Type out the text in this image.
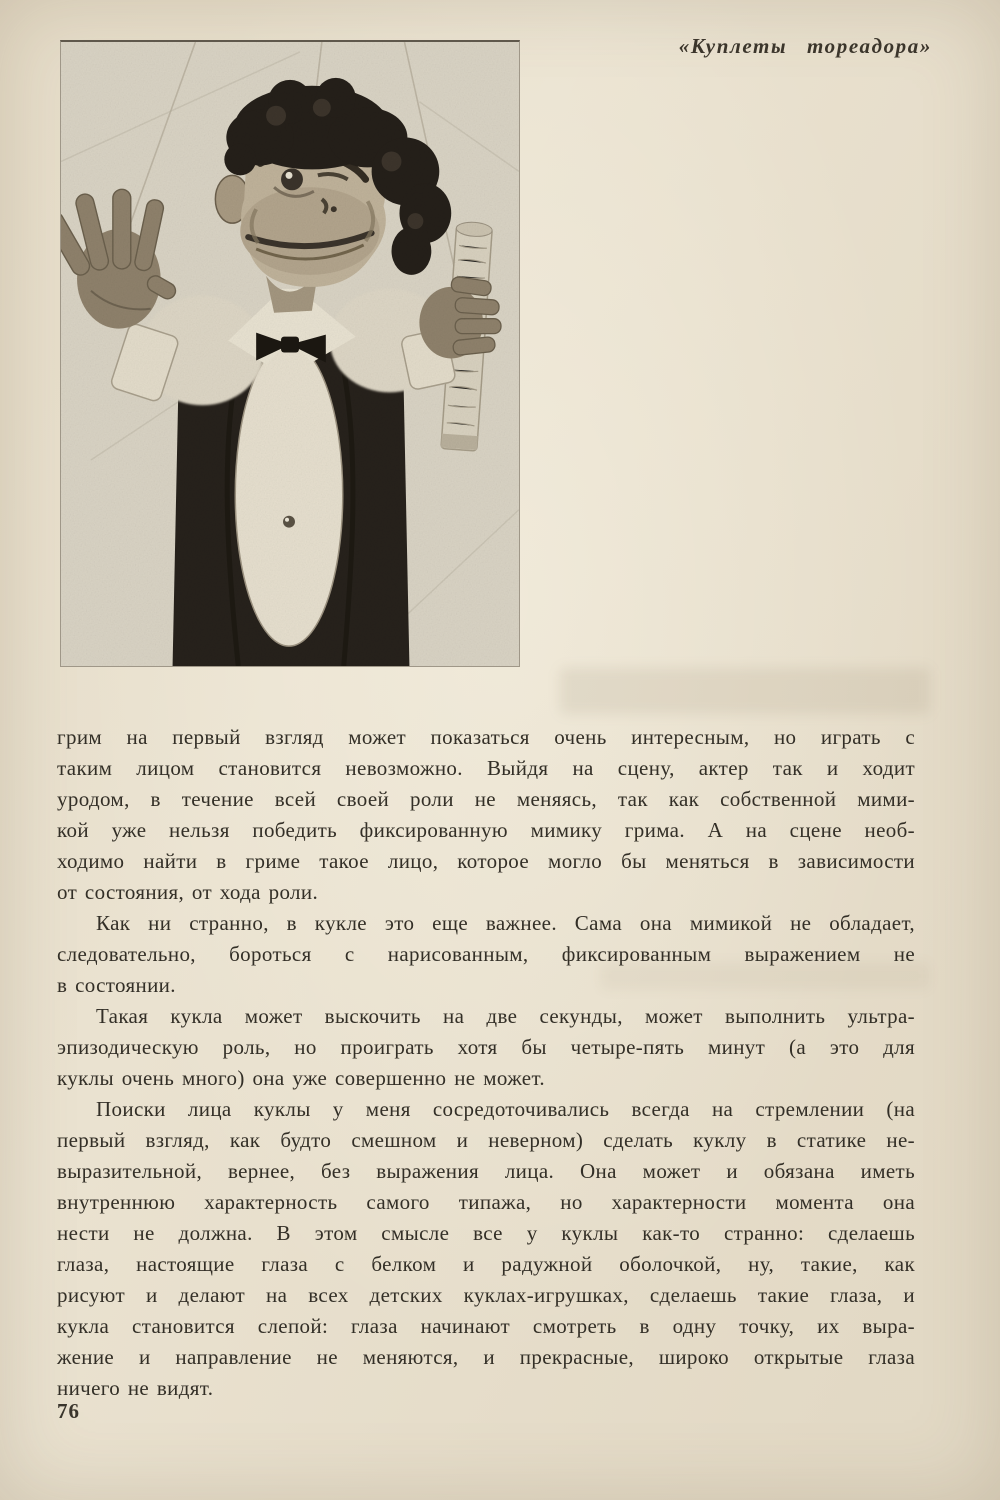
«Куплеты тореадора»
грим на первый взгляд может показаться очень интересным, но играть с
таким лицом становится невозможно. Выйдя на сцену, актер так и ходит
уродом, в течение всей своей роли не меняясь, так как собственной мими-
кой уже нельзя победить фиксированную мимику грима. А на сцене необ-
ходимо найти в гриме такое лицо, которое могло бы меняться в зависимости
от состояния, от хода роли.
Как ни странно, в кукле это еще важнее. Сама она мимикой не обладает,
следовательно, бороться с нарисованным, фиксированным выражением не
в состоянии.
Такая кукла может выскочить на две секунды, может выполнить ультра-
эпизодическую роль, но проиграть хотя бы четыре-пять минут (а это для
куклы очень много) она уже совершенно не может.
Поиски лица куклы у меня сосредоточивались всегда на стремлении (на
первый взгляд, как будто смешном и неверном) сделать куклу в статике не-
выразительной, вернее, без выражения лица. Она может и обязана иметь
внутреннюю характерность самого типажа, но характерности момента она
нести не должна. В этом смысле все у куклы как-то странно: сделаешь
глаза, настоящие глаза с белком и радужной оболочкой, ну, такие, как
рисуют и делают на всех детских куклах-игрушках, сделаешь такие глаза, и
кукла становится слепой: глаза начинают смотреть в одну точку, их выра-
жение и направление не меняются, и прекрасные, широко открытые глаза
ничего не видят.
76
